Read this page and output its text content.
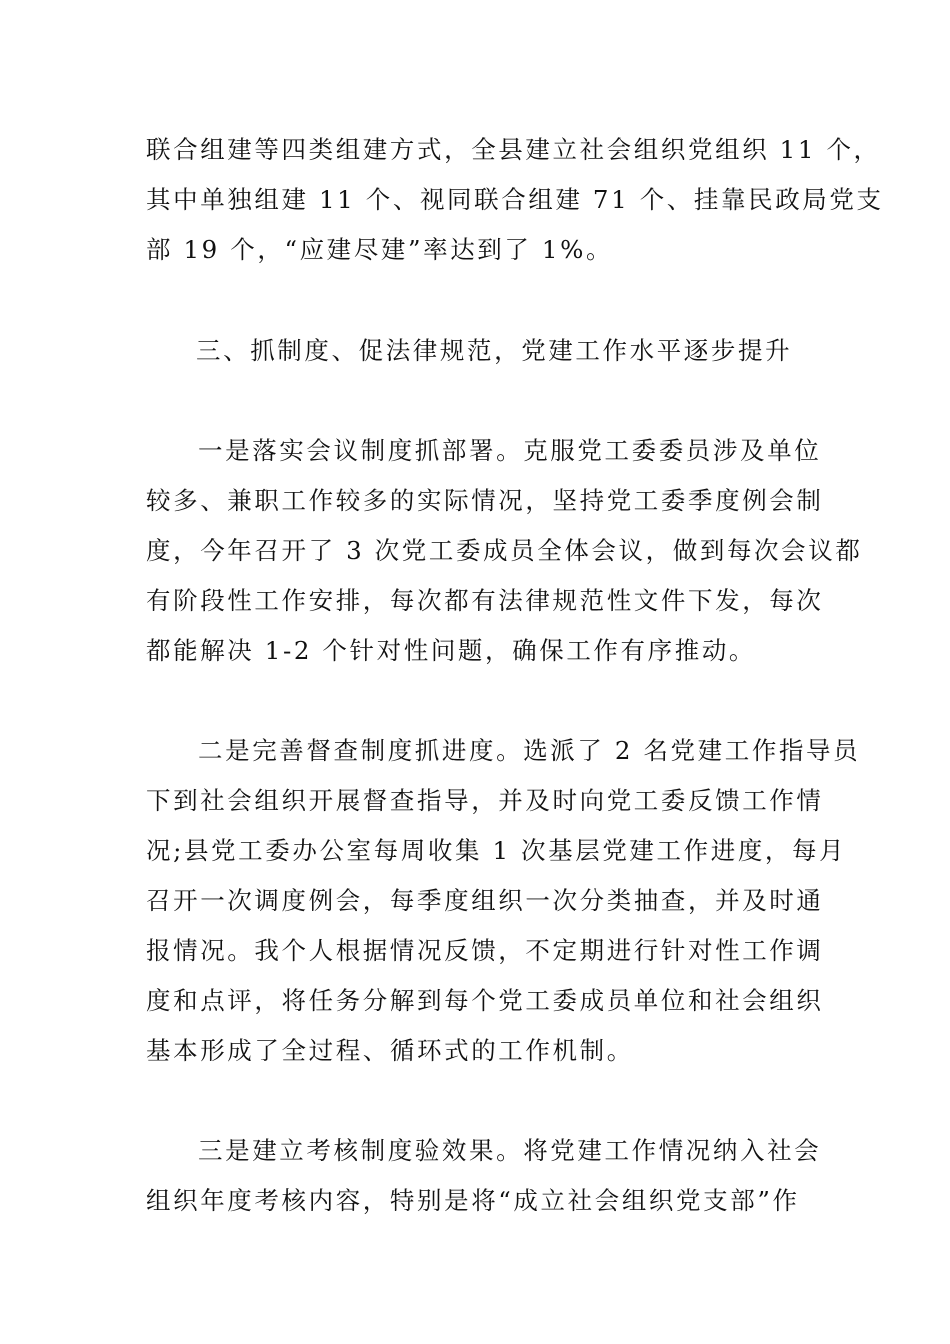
联合组建等四类组建方式，全县建立社会组织党组织 11 个，
其中单独组建 11 个、视同联合组建 71 个、挂靠民政局党支
部 19 个，“应建尽建”率达到了 1%。
三、抓制度、促法律规范，党建工作水平逐步提升
一是落实会议制度抓部署。克服党工委委员涉及单位
较多、兼职工作较多的实际情况，坚持党工委季度例会制
度，今年召开了 3 次党工委成员全体会议，做到每次会议都
有阶段性工作安排，每次都有法律规范性文件下发，每次
都能解决 1-2 个针对性问题，确保工作有序推动。
二是完善督查制度抓进度。选派了 2 名党建工作指导员
下到社会组织开展督查指导，并及时向党工委反馈工作情
况;县党工委办公室每周收集 1 次基层党建工作进度，每月
召开一次调度例会，每季度组织一次分类抽查，并及时通
报情况。我个人根据情况反馈，不定期进行针对性工作调
度和点评，将任务分解到每个党工委成员单位和社会组织
基本形成了全过程、循环式的工作机制。
三是建立考核制度验效果。将党建工作情况纳入社会
组织年度考核内容，特别是将“成立社会组织党支部”作
